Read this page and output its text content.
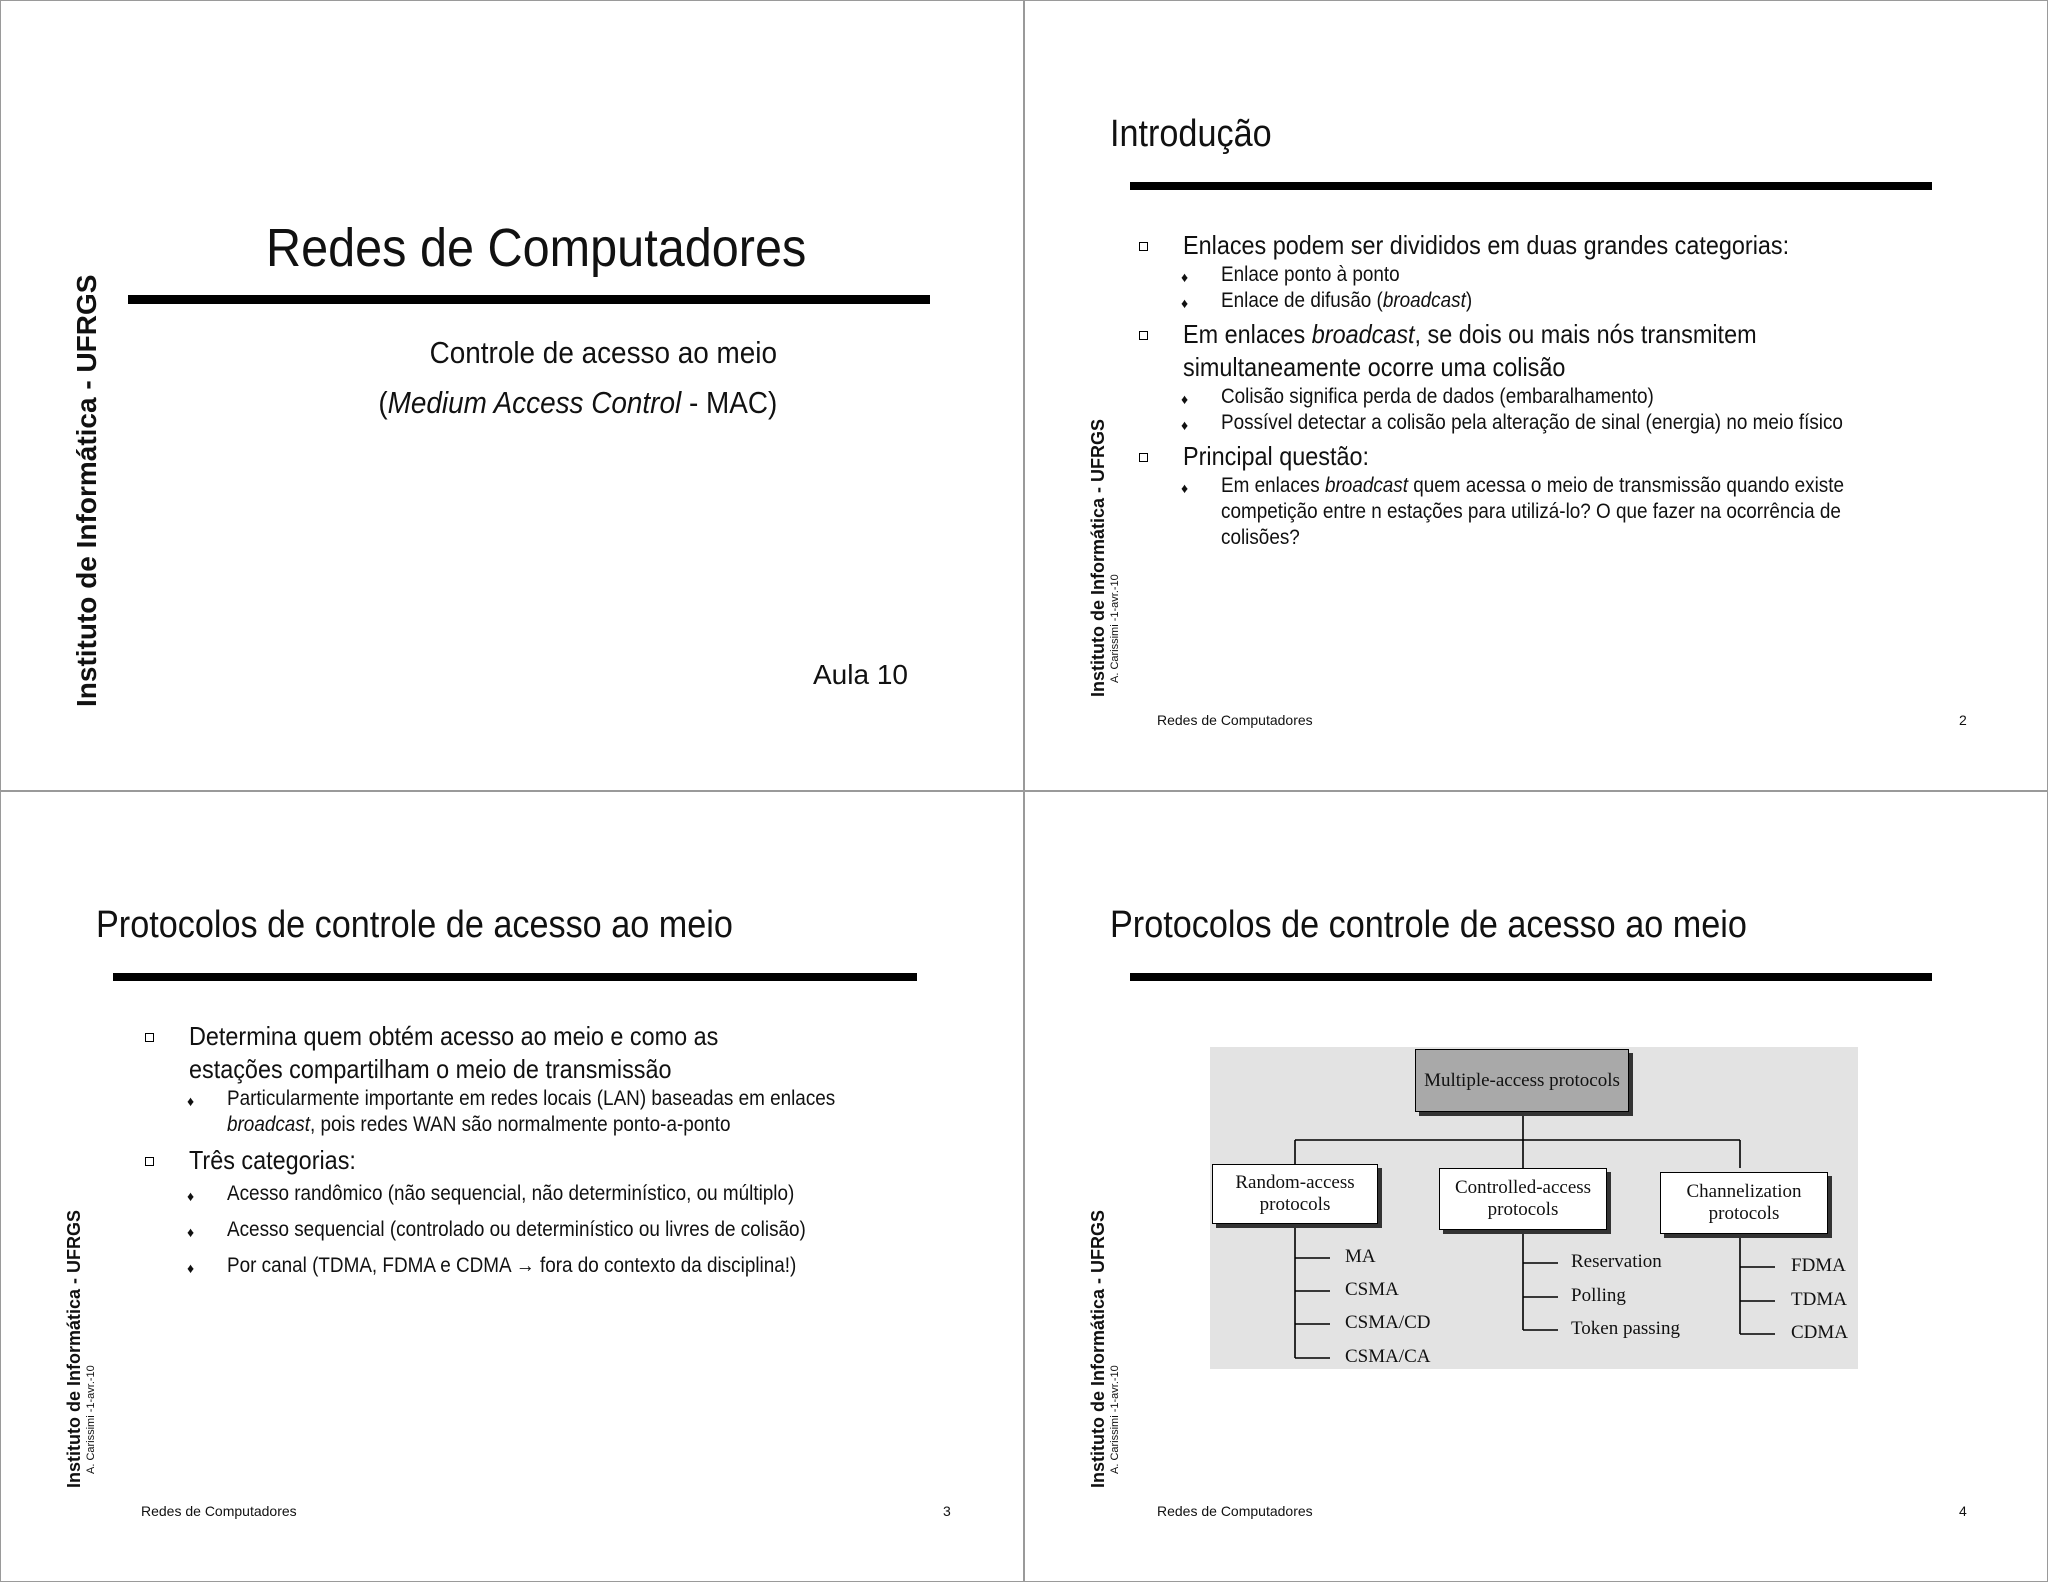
Instituto de Informática - UFRGS
Redes de Computadores
Controle de acesso ao meio
(Medium Access Control - MAC)
Aula 10	Instituto de Informática - UFRGS A. Carissimi -1-avr.-10
Introdução
Enlaces podem ser divididos em duas grandes categorias:
♦ Enlace ponto à ponto
♦ Enlace de difusão (broadcast)
Em enlaces broadcast, se dois ou mais nós transmitem simultaneamente ocorre uma colisão
♦ Colisão significa perda de dados (embaralhamento)
♦ Possível detectar a colisão pela alteração de sinal (energia) no meio físico
Principal questão:
♦ Em enlaces broadcast quem acessa o meio de transmissão quando existe competição entre n estações para utilizá-lo? O que fazer na ocorrência de colisões?
Redes de Computadores	2
Instituto de Informática - UFRGS A. Carissimi -1-avr.-10
Protocolos de controle de acesso ao meio
Determina quem obtém acesso ao meio e como as estações compartilham o meio de transmissão
♦ Particularmente importante em redes locais (LAN) baseadas em enlaces broadcast, pois redes WAN são normalmente ponto-a-ponto
Três categorias:
♦ Acesso randômico (não sequencial, não determinístico, ou múltiplo)
♦ Acesso sequencial (controlado ou determinístico ou livres de colisão)
♦ Por canal (TDMA, FDMA e CDMA → fora do contexto da disciplina!)
Redes de Computadores	3
Instituto de Informática - UFRGS A. Carissimi -1-avr.-10
Protocolos de controle de acesso ao meio
Multiple-access protocols
Random-access protocols
Controlled-access protocols
Channelization protocols
MA
CSMA
CSMA/CD
CSMA/CA
Reservation
Polling
Token passing
FDMA
TDMA
CDMA
Redes de Computadores	4
